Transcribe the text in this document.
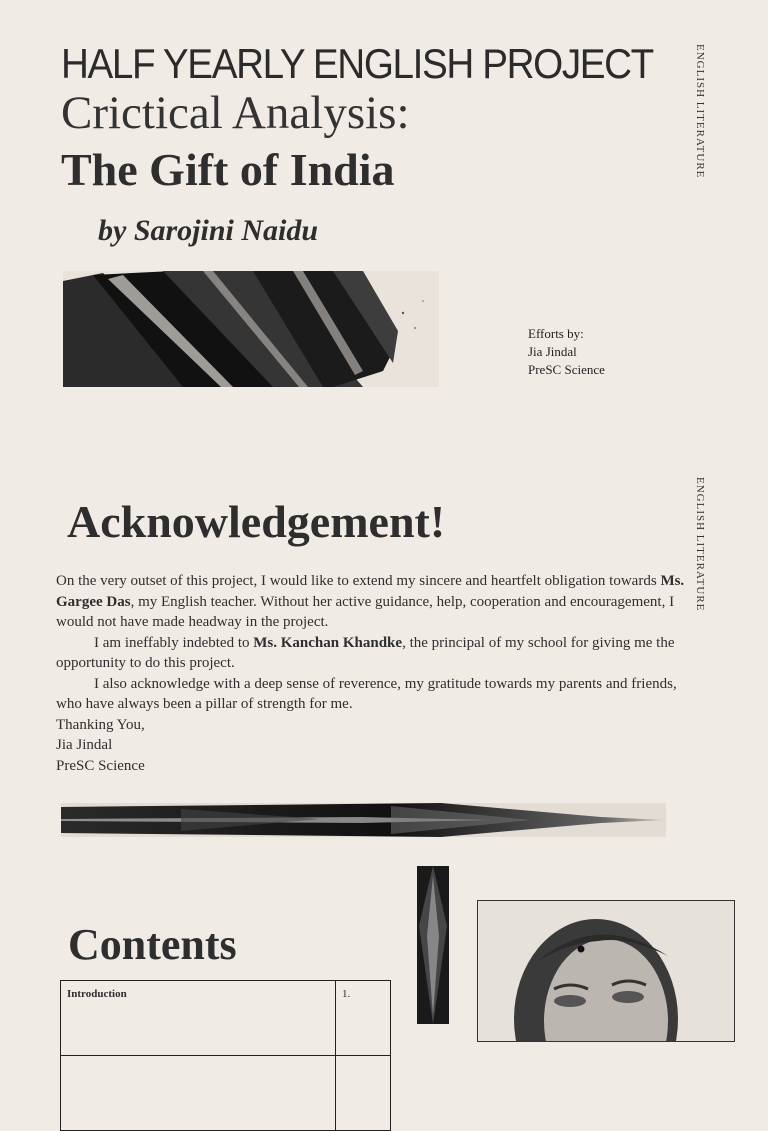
HALF YEARLY ENGLISH PROJECT
Crictical Analysis:
The Gift of India
by Sarojini Naidu
ENGLISH LITERATURE
Efforts by:
Jia Jindal
PreSC Science
ENGLISH LITERATURE
Acknowledgement!

On the very outset of this project, I would like to extend my sincere and heartfelt obligation towards Ms. Gargee Das, my English teacher. Without her active guidance, help, cooperation and encouragement, I would not have made headway in the project.

I am ineffably indebted to Ms. Kanchan Khandke, the principal of my school for giving me the opportunity to do this project.

I also acknowledge with a deep sense of reverence, my gratitude towards my parents and friends, who have always been a pillar of strength for me.

Thanking You,

Jia Jindal

PreSC Science

Contents
Introduction	1.
